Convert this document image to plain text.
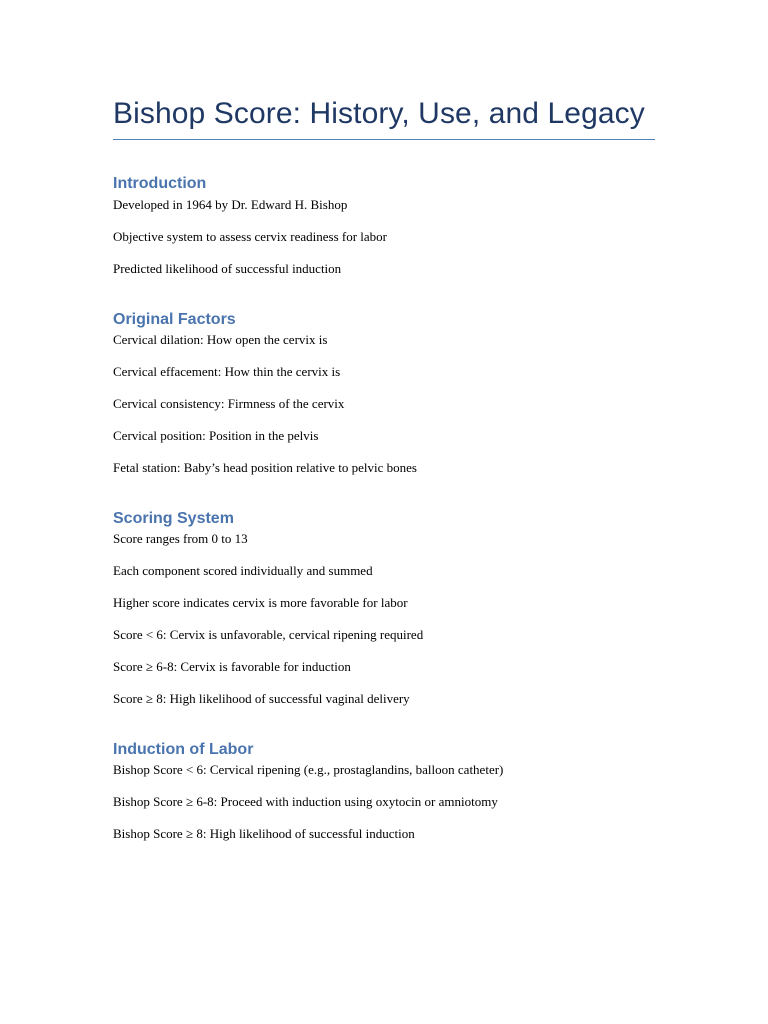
Bishop Score: History, Use, and Legacy
Introduction

Developed in 1964 by Dr. Edward H. Bishop

Objective system to assess cervix readiness for labor

Predicted likelihood of successful induction

Original Factors

Cervical dilation: How open the cervix is

Cervical effacement: How thin the cervix is

Cervical consistency: Firmness of the cervix

Cervical position: Position in the pelvis

Fetal station: Baby’s head position relative to pelvic bones

Scoring System

Score ranges from 0 to 13

Each component scored individually and summed

Higher score indicates cervix is more favorable for labor

Score < 6: Cervix is unfavorable, cervical ripening required

Score ≥ 6-8: Cervix is favorable for induction

Score ≥ 8: High likelihood of successful vaginal delivery

Induction of Labor

Bishop Score < 6: Cervical ripening (e.g., prostaglandins, balloon catheter)

Bishop Score ≥ 6-8: Proceed with induction using oxytocin or amniotomy

Bishop Score ≥ 8: High likelihood of successful induction
